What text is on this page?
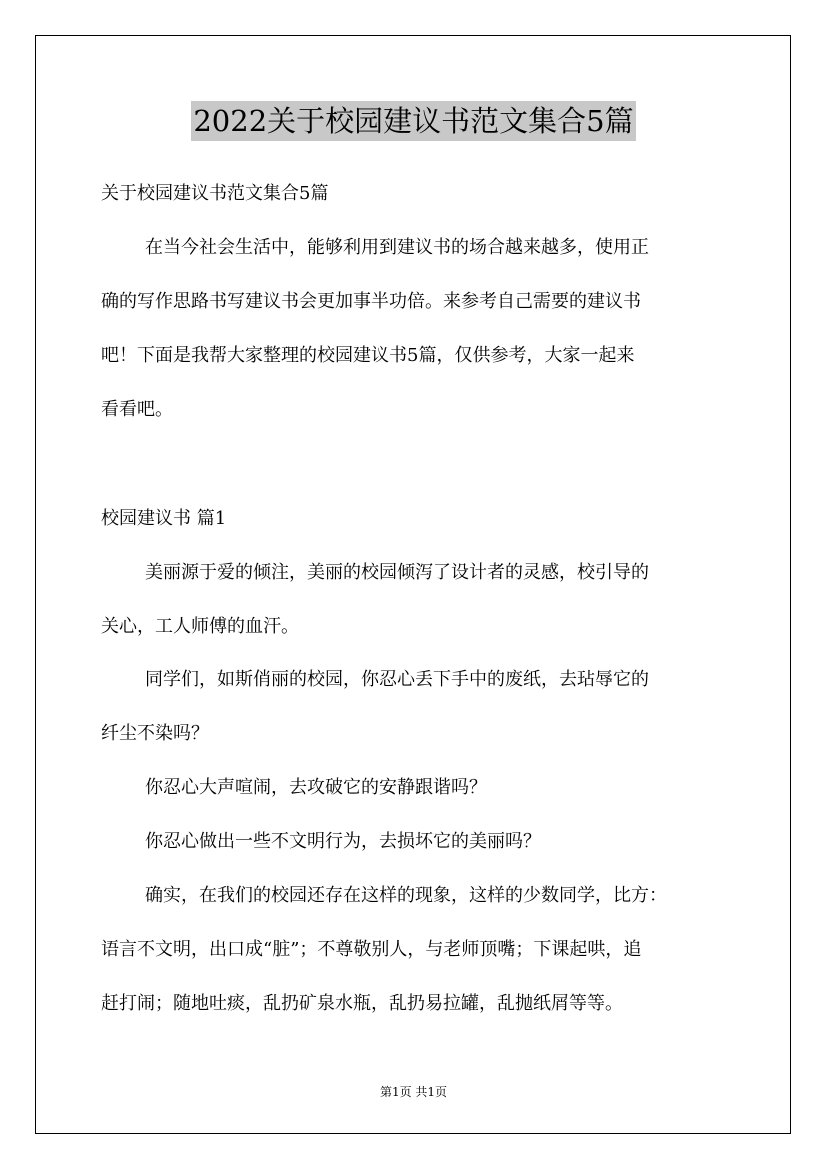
2022关于校园建议书范文集合5篇
关于校园建议书范文集合5篇
在当今社会生活中，能够利用到建议书的场合越来越多，使用正
确的写作思路书写建议书会更加事半功倍。来参考自己需要的建议书
吧！下面是我帮大家整理的校园建议书5篇，仅供参考，大家一起来
看看吧。
校园建议书 篇1
美丽源于爱的倾注，美丽的校园倾泻了设计者的灵感，校引导的
关心，工人师傅的血汗。
同学们，如斯俏丽的校园，你忍心丢下手中的废纸，去玷辱它的
纤尘不染吗？
你忍心大声喧闹，去攻破它的安静跟谐吗？
你忍心做出一些不文明行为，去损坏它的美丽吗？
确实，在我们的校园还存在这样的现象，这样的少数同学，比方：
语言不文明，出口成“脏”；不尊敬别人，与老师顶嘴；下课起哄，追
赶打闹；随地吐痰，乱扔矿泉水瓶，乱扔易拉罐，乱抛纸屑等等。
第1页 共1页
